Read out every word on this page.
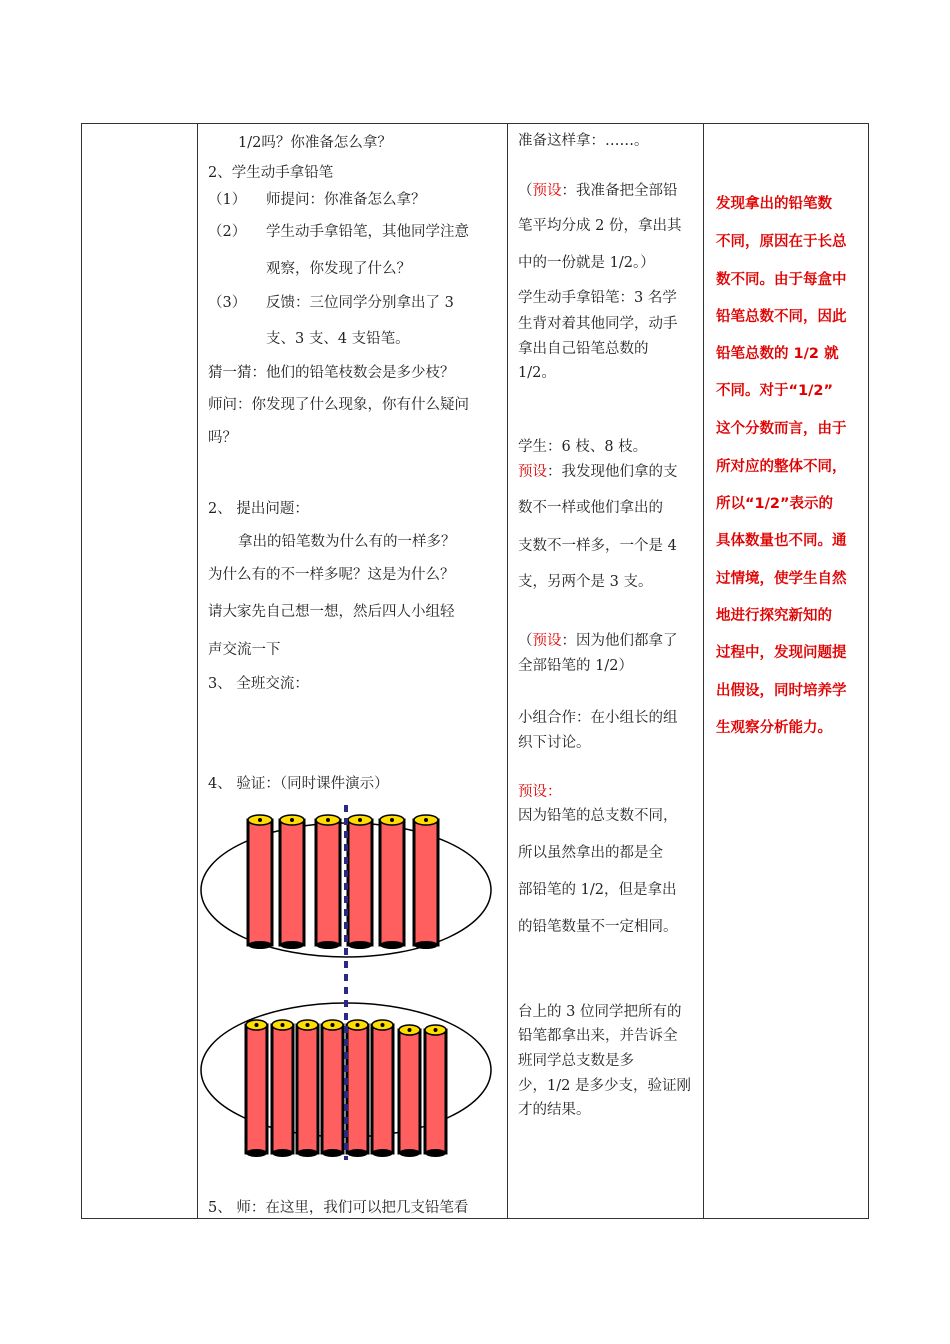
1/2吗？你准备怎么拿？
2、学生动手拿铅笔
（1） 师提问：你准备怎么拿？
（2） 学生动手拿铅笔，其他同学注意
观察，你发现了什么？
（3） 反馈：三位同学分别拿出了 3
支、3 支、4 支铅笔。
猜一猜：他们的铅笔枝数会是多少枝？
师问：你发现了什么现象，你有什么疑问
吗？
2、 提出问题：
拿出的铅笔数为什么有的一样多？
为什么有的不一样多呢？这是为什么？
请大家先自己想一想，然后四人小组轻
声交流一下
3、 全班交流：
4、 验证：（同时课件演示）
5、 师：在这里，我们可以把几支铅笔看
准备这样拿：……。
（预设：我准备把全部铅
笔平均分成 2 份，拿出其
中的一份就是 1/2。）
学生动手拿铅笔：3 名学
生背对着其他同学，动手
拿出自己铅笔总数的
1/2。
学生：6 枝、8 枝。
预设：我发现他们拿的支
数不一样或他们拿出的
支数不一样多，一个是 4
支，另两个是 3 支。
（预设：因为他们都拿了
全部铅笔的 1/2）
小组合作：在小组长的组
织下讨论。
预设：
因为铅笔的总支数不同，
所以虽然拿出的都是全
部铅笔的 1/2，但是拿出
的铅笔数量不一定相同。
台上的 3 位同学把所有的
铅笔都拿出来，并告诉全
班同学总支数是多
少，1/2 是多少支，验证刚
才的结果。
发现拿出的铅笔数
不同，原因在于长总
数不同。由于每盒中
铅笔总数不同，因此
铅笔总数的 1/2 就
不同。对于“1/2”
这个分数而言，由于
所对应的整体不同，
所以“1/2”表示的
具体数量也不同。通
过情境，使学生自然
地进行探究新知的
过程中，发现问题提
出假设，同时培养学
生观察分析能力。
